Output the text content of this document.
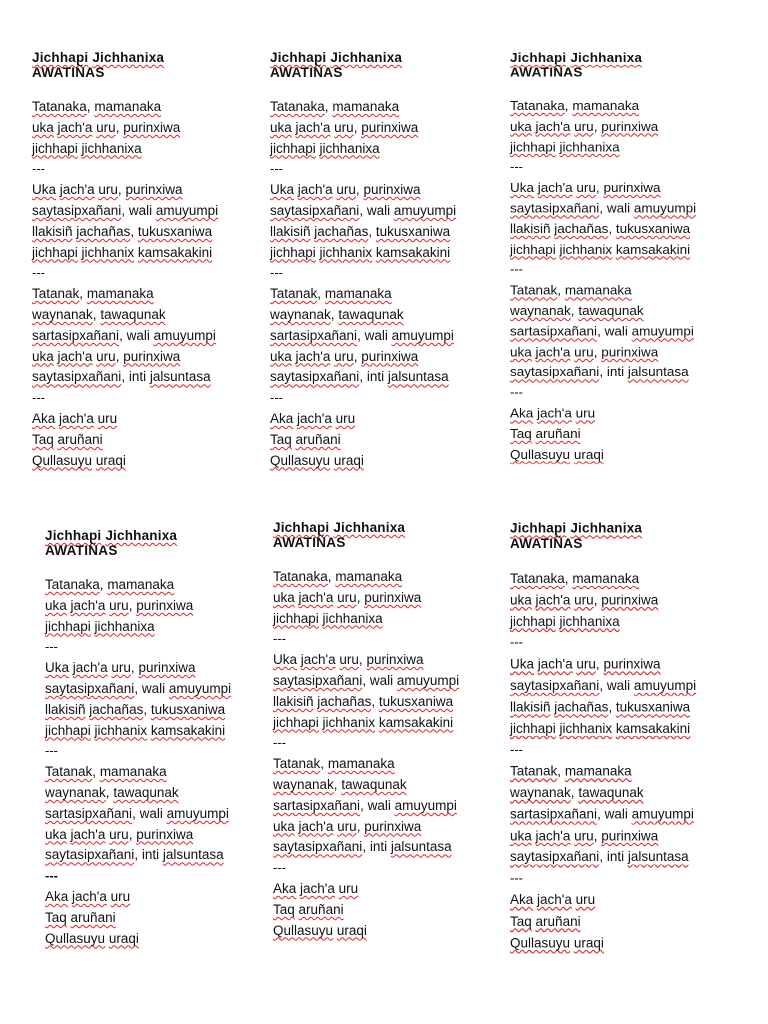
Jichhapi Jichhanixa
AWATIÑAS
Tatanaka, mamanaka
uka jach'a uru, purinxiwa
jichhapi jichhanixa
---
Uka jach'a uru, purinxiwa
saytasipxañani, wali amuyumpi
llakisiñ jachañas, tukusxaniwa
jichhapi jichhanix kamsakakini
---
Tatanak, mamanaka
waynanak, tawaqunak
sartasipxañani, wali amuyumpi
uka jach'a uru, purinxiwa
saytasipxañani, inti jalsuntasa
---
Aka jach'a uru
Taq aruñani
Qullasuyu uraqi
Jichhapi Jichhanixa
AWATIÑAS
Tatanaka, mamanaka
uka jach'a uru, purinxiwa
jichhapi jichhanixa
---
Uka jach'a uru, purinxiwa
saytasipxañani, wali amuyumpi
llakisiñ jachañas, tukusxaniwa
jichhapi jichhanix kamsakakini
---
Tatanak, mamanaka
waynanak, tawaqunak
sartasipxañani, wali amuyumpi
uka jach'a uru, purinxiwa
saytasipxañani, inti jalsuntasa
---
Aka jach'a uru
Taq aruñani
Qullasuyu uraqi
Jichhapi Jichhanixa
AWATIÑAS
Tatanaka, mamanaka
uka jach'a uru, purinxiwa
jichhapi jichhanixa
---
Uka jach'a uru, purinxiwa
saytasipxañani, wali amuyumpi
llakisiñ jachañas, tukusxaniwa
jichhapi jichhanix kamsakakini
---
Tatanak, mamanaka
waynanak, tawaqunak
sartasipxañani, wali amuyumpi
uka jach'a uru, purinxiwa
saytasipxañani, inti jalsuntasa
---
Aka jach'a uru
Taq aruñani
Qullasuyu uraqi
Jichhapi Jichhanixa
AWATIÑAS
Tatanaka, mamanaka
uka jach'a uru, purinxiwa
jichhapi jichhanixa
---
Uka jach'a uru, purinxiwa
saytasipxañani, wali amuyumpi
llakisiñ jachañas, tukusxaniwa
jichhapi jichhanix kamsakakini
---
Tatanak, mamanaka
waynanak, tawaqunak
sartasipxañani, wali amuyumpi
uka jach'a uru, purinxiwa
saytasipxañani, inti jalsuntasa
---
Aka jach'a uru
Taq aruñani
Qullasuyu uraqi
Jichhapi Jichhanixa
AWATIÑAS
Tatanaka, mamanaka
uka jach'a uru, purinxiwa
jichhapi jichhanixa
---
Uka jach'a uru, purinxiwa
saytasipxañani, wali amuyumpi
llakisiñ jachañas, tukusxaniwa
jichhapi jichhanix kamsakakini
---
Tatanak, mamanaka
waynanak, tawaqunak
sartasipxañani, wali amuyumpi
uka jach'a uru, purinxiwa
saytasipxañani, inti jalsuntasa
---
Aka jach'a uru
Taq aruñani
Qullasuyu uraqi
Jichhapi Jichhanixa
AWATIÑAS
Tatanaka, mamanaka
uka jach'a uru, purinxiwa
jichhapi jichhanixa
---
Uka jach'a uru, purinxiwa
saytasipxañani, wali amuyumpi
llakisiñ jachañas, tukusxaniwa
jichhapi jichhanix kamsakakini
---
Tatanak, mamanaka
waynanak, tawaqunak
sartasipxañani, wali amuyumpi
uka jach'a uru, purinxiwa
saytasipxañani, inti jalsuntasa
---
Aka jach'a uru
Taq aruñani
Qullasuyu uraqi
